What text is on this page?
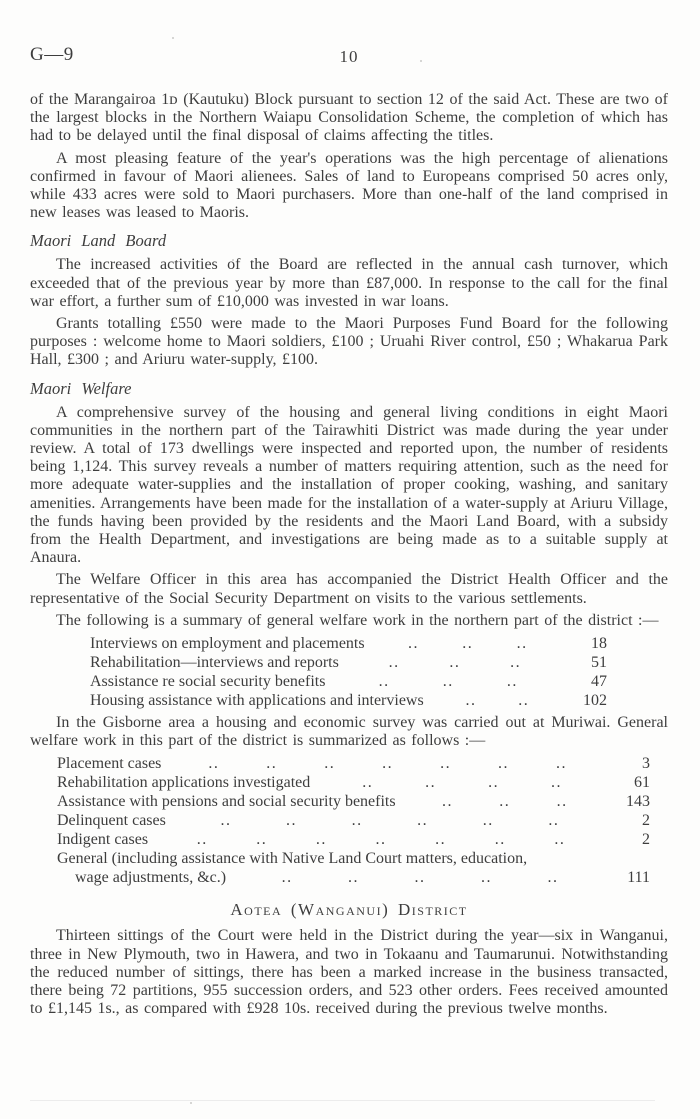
G—9	10

of the Marangairoa 1ᴅ (Kautuku) Block pursuant to section 12 of the said Act. These are two of the largest blocks in the Northern Waiapu Consolidation Scheme, the completion of which has had to be delayed until the final disposal of claims affecting the titles.

A most pleasing feature of the year's operations was the high percentage of alienations confirmed in favour of Maori alienees. Sales of land to Europeans comprised 50 acres only, while 433 acres were sold to Maori purchasers. More than one-half of the land comprised in new leases was leased to Maoris.

Maori Land Board

The increased activities of the Board are reflected in the annual cash turnover, which exceeded that of the previous year by more than £87,000. In response to the call for the final war effort, a further sum of £10,000 was invested in war loans.

Grants totalling £550 were made to the Maori Purposes Fund Board for the following purposes : welcome home to Maori soldiers, £100 ; Uruahi River control, £50 ; Whakarua Park Hall, £300 ; and Ariuru water-supply, £100.

Maori Welfare

A comprehensive survey of the housing and general living conditions in eight Maori communities in the northern part of the Tairawhiti District was made during the year under review. A total of 173 dwellings were inspected and reported upon, the number of residents being 1,124. This survey reveals a number of matters requiring attention, such as the need for more adequate water-supplies and the installation of proper cooking, washing, and sanitary amenities. Arrangements have been made for the installation of a water-supply at Ariuru Village, the funds having been provided by the residents and the Maori Land Board, with a subsidy from the Health Department, and investigations are being made as to a suitable supply at Anaura.

The Welfare Officer in this area has accompanied the District Health Officer and the representative of the Social Security Department on visits to the various settlements.

The following is a summary of general welfare work in the northern part of the district :—

Interviews on employment and placements	..	..	..	18
Rehabilitation—interviews and reports	..	..	..	51
Assistance re social security benefits	..	..	..	47
Housing assistance with applications and interviews	..	..	102

In the Gisborne area a housing and economic survey was carried out at Muriwai. General welfare work in this part of the district is summarized as follows :—

Placement cases	..	..	..	..	..	..	..	3
Rehabilitation applications investigated	..	..	..	..	61
Assistance with pensions and social security benefits	..	..	..	143
Delinquent cases	..	..	..	..	..	..	2
Indigent cases	..	..	..	..	..	..	..	2
General (including assistance with Native Land Court matters, education,
wage adjustments, &c.)	..	..	..	..	..	111
Aotea (Wanganui) District

Thirteen sittings of the Court were held in the District during the year—six in Wanganui, three in New Plymouth, two in Hawera, and two in Tokaanu and Taumarunui. Notwithstanding the reduced number of sittings, there has been a marked increase in the business transacted, there being 72 partitions, 955 succession orders, and 523 other orders. Fees received amounted to £1,145 1s., as compared with £928 10s. received during the previous twelve months.
